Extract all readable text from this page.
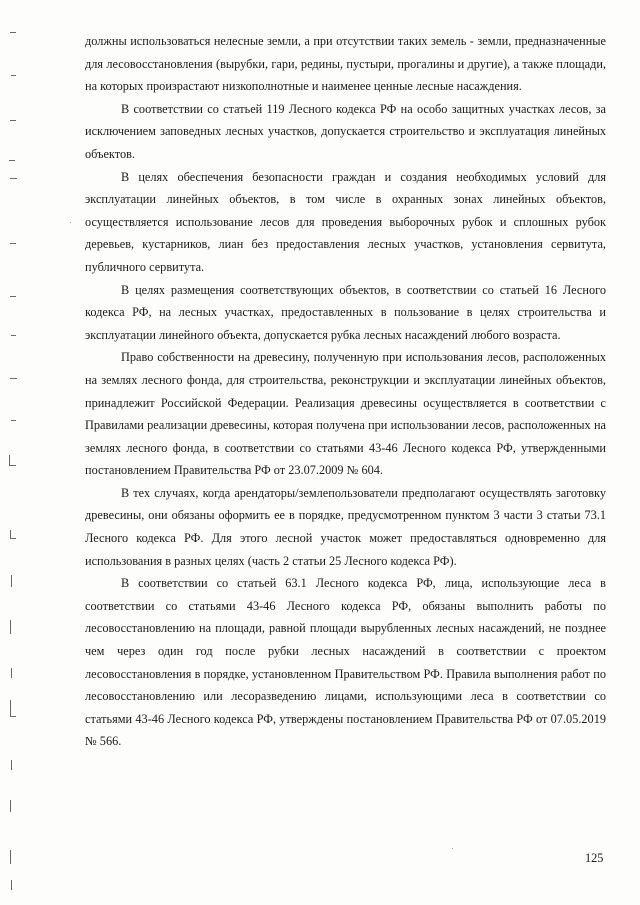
должны использоваться нелесные земли, а при отсутствии таких земель - земли, предназначенные для лесовосстановления (вырубки, гари, редины, пустыри, прогалины и другие), а также площади, на которых произрастают низкополнотные и наименее ценные лесные насаждения.

В соответствии со статьей 119 Лесного кодекса РФ на особо защитных участках лесов, за исключением заповедных лесных участков, допускается строительство и эксплуатация линейных объектов.

В целях обеспечения безопасности граждан и создания необходимых условий для эксплуатации линейных объектов, в том числе в охранных зонах линейных объектов, осуществляется использование лесов для проведения выборочных рубок и сплошных рубок деревьев, кустарников, лиан без предоставления лесных участков, установления сервитута, публичного сервитута.

В целях размещения соответствующих объектов, в соответствии со статьей 16 Лесного кодекса РФ, на лесных участках, предоставленных в пользование в целях строительства и эксплуатации линейного объекта, допускается рубка лесных насаждений любого возраста.

Право собственности на древесину, полученную при использования лесов, расположенных на землях лесного фонда, для строительства, реконструкции и эксплуатации линейных объектов, принадлежит Российской Федерации. Реализация древесины осуществляется в соответствии с Правилами реализации древесины, которая получена при использовании лесов, расположенных на землях лесного фонда, в соответствии со статьями 43-46 Лесного кодекса РФ, утвержденными постановлением Правительства РФ от 23.07.2009 № 604.

В тех случаях, когда арендаторы/землепользователи предполагают осуществлять заготовку древесины, они обязаны оформить ее в порядке, предусмотренном пунктом 3 части 3 статьи 73.1 Лесного кодекса РФ. Для этого лесной участок может предоставляться одновременно для использования в разных целях (часть 2 статьи 25 Лесного кодекса РФ).

В соответствии со статьей 63.1 Лесного кодекса РФ, лица, использующие леса в соответствии со статьями 43-46 Лесного кодекса РФ, обязаны выполнить работы по лесовосстановлению на площади, равной площади вырубленных лесных насаждений, не позднее чем через один год после рубки лесных насаждений в соответствии с проектом лесовосстановления в порядке, установленном Правительством РФ. Правила выполнения работ по лесовосстановлению или лесоразведению лицами, использующими леса в соответствии со статьями 43-46 Лесного кодекса РФ, утверждены постановлением Правительства РФ от 07.05.2019 № 566.

125
